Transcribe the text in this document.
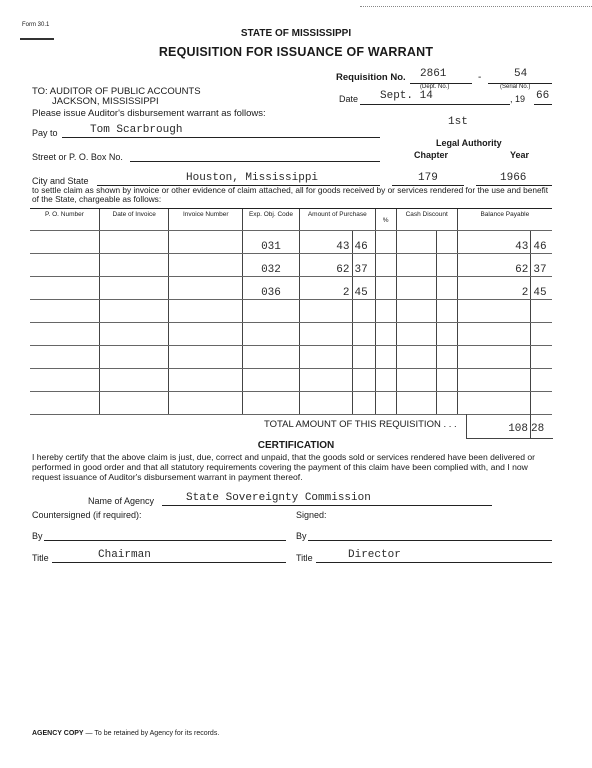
Form 30.1
STATE OF MISSISSIPPI
REQUISITION FOR ISSUANCE OF WARRANT
Requisition No. 2861	-	54
(Dept. No.)	(Serial No.)
TO: AUDITOR OF PUBLIC ACCOUNTS
JACKSON, MISSISSIPPI
Please issue Auditor's disbursement warrant as follows:
Date Sept. 14	, 19 66
Pay to	Tom Scarbrough
1st
Legal Authority
Chapter	Year
Street or P. O. Box No.
City and State	Houston, Mississippi	179	1966
to settle claim as shown by invoice or other evidence of claim attached, all for goods received by or services rendered for the use and benefit of the State, chargeable as follows:
P. O. Number	Date of Invoice	Invoice Number	Exp. Obj. Code	Amount of Purchase		%	Cash Discount		Balance Payable	
			031	43	46				43	46
			032	62	37				62	37
			036	2	45				2	45

TOTAL AMOUNT OF THIS REQUISITION . . .	108 28
CERTIFICATION
I hereby certify that the above claim is just, due, correct and unpaid, that the goods sold or services rendered have been delivered or performed in good order and that all statutory requirements covering the payment of this claim have been complied with, and I now request issuance of Auditor's disbursement warrant in payment thereof.
Name of Agency	State Sovereignty Commission
Countersigned (if required):	Signed:
By	By
Title	Chairman	Title	Director
AGENCY COPY — To be retained by Agency for its records.
